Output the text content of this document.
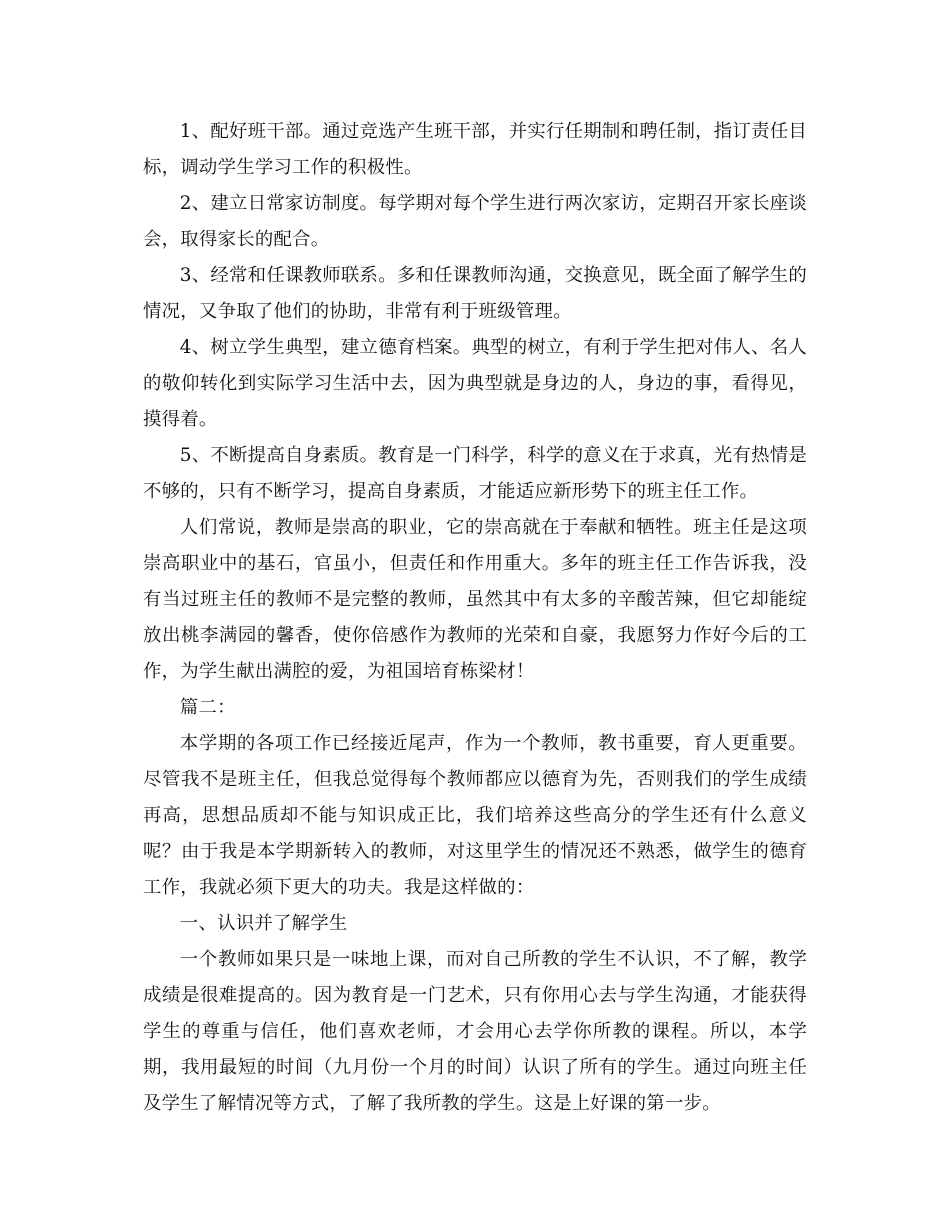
1、配好班干部。通过竞选产生班干部，并实行任期制和聘任制，指订责任目标，调动学生学习工作的积极性。

2、建立日常家访制度。每学期对每个学生进行两次家访，定期召开家长座谈会，取得家长的配合。

3、经常和任课教师联系。多和任课教师沟通，交换意见，既全面了解学生的情况，又争取了他们的协助，非常有利于班级管理。

4、树立学生典型，建立德育档案。典型的树立，有利于学生把对伟人、名人的敬仰转化到实际学习生活中去，因为典型就是身边的人，身边的事，看得见，摸得着。

5、不断提高自身素质。教育是一门科学，科学的意义在于求真，光有热情是不够的，只有不断学习，提高自身素质，才能适应新形势下的班主任工作。

人们常说，教师是崇高的职业，它的崇高就在于奉献和牺牲。班主任是这项崇高职业中的基石，官虽小，但责任和作用重大。多年的班主任工作告诉我，没有当过班主任的教师不是完整的教师，虽然其中有太多的辛酸苦辣，但它却能绽放出桃李满园的馨香，使你倍感作为教师的光荣和自豪，我愿努力作好今后的工作，为学生献出满腔的爱，为祖国培育栋梁材！

篇二：

本学期的各项工作已经接近尾声，作为一个教师，教书重要，育人更重要。尽管我不是班主任，但我总觉得每个教师都应以德育为先，否则我们的学生成绩再高，思想品质却不能与知识成正比，我们培养这些高分的学生还有什么意义呢？由于我是本学期新转入的教师，对这里学生的情况还不熟悉，做学生的德育工作，我就必须下更大的功夫。我是这样做的：

一、认识并了解学生

一个教师如果只是一味地上课，而对自己所教的学生不认识，不了解，教学成绩是很难提高的。因为教育是一门艺术，只有你用心去与学生沟通，才能获得学生的尊重与信任，他们喜欢老师，才会用心去学你所教的课程。所以，本学期，我用最短的时间（九月份一个月的时间）认识了所有的学生。通过向班主任及学生了解情况等方式，了解了我所教的学生。这是上好课的第一步。
